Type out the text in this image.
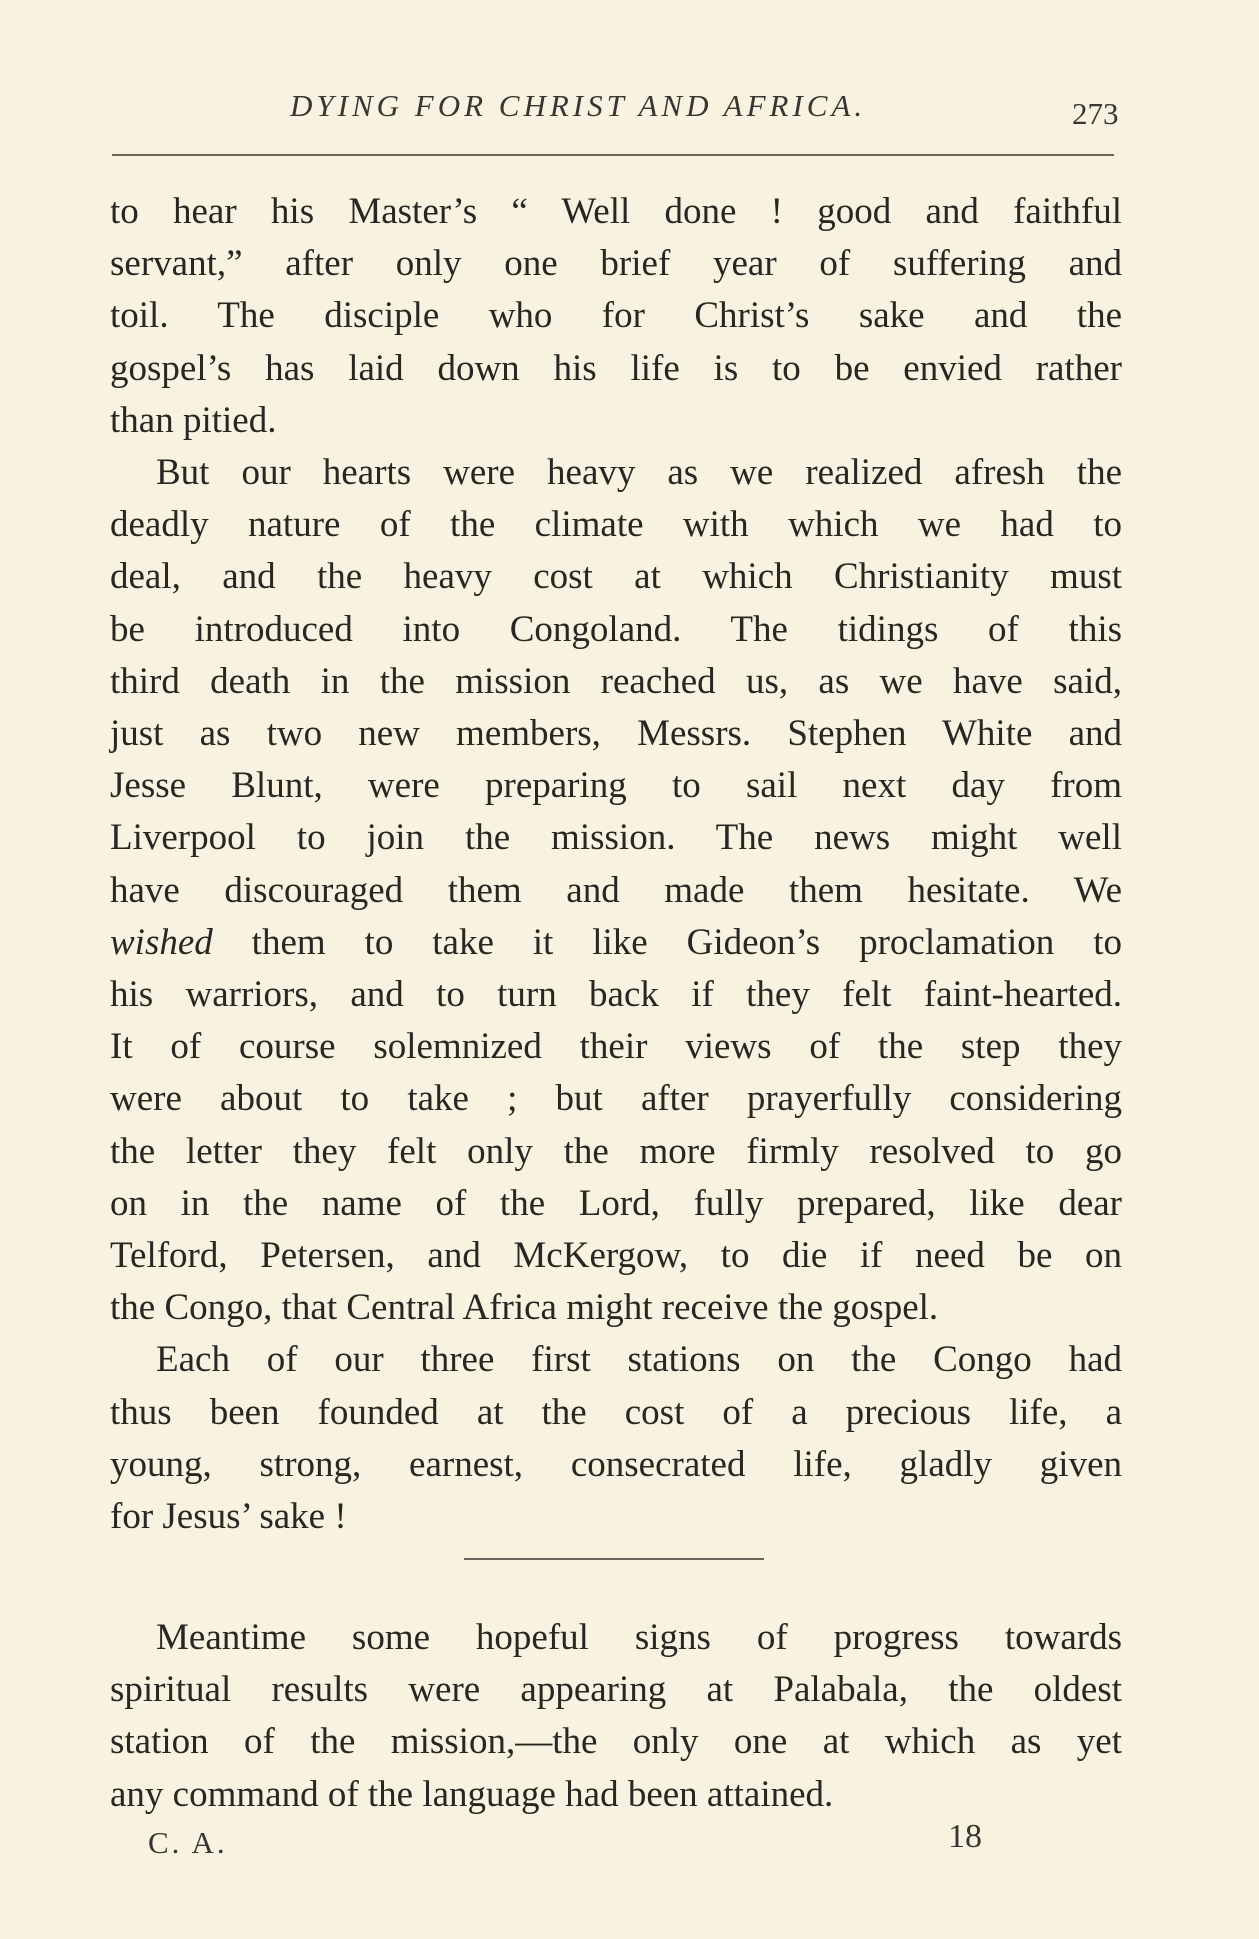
DYING FOR CHRIST AND AFRICA.	273

to hear his Master’s “ Well done ! good and faithful
servant,” after only one brief year of suffering and
toil. The disciple who for Christ’s sake and the
gospel’s has laid down his life is to be envied rather
than pitied.

But our hearts were heavy as we realized afresh the
deadly nature of the climate with which we had to
deal, and the heavy cost at which Christianity must
be introduced into Congoland. The tidings of this
third death in the mission reached us, as we have said,
just as two new members, Messrs. Stephen White and
Jesse Blunt, were preparing to sail next day from
Liverpool to join the mission. The news might well
have discouraged them and made them hesitate. We
wished them to take it like Gideon’s proclamation to
his warriors, and to turn back if they felt faint-hearted.
It of course solemnized their views of the step they
were about to take ; but after prayerfully considering
the letter they felt only the more firmly resolved to go
on in the name of the Lord, fully prepared, like dear
Telford, Petersen, and McKergow, to die if need be on
the Congo, that Central Africa might receive the gospel.

Each of our three first stations on the Congo had
thus been founded at the cost of a precious life, a
young, strong, earnest, consecrated life, gladly given
for Jesus’ sake !

Meantime some hopeful signs of progress towards
spiritual results were appearing at Palabala, the oldest
station of the mission,—the only one at which as yet
any command of the language had been attained.

C. A.	18
